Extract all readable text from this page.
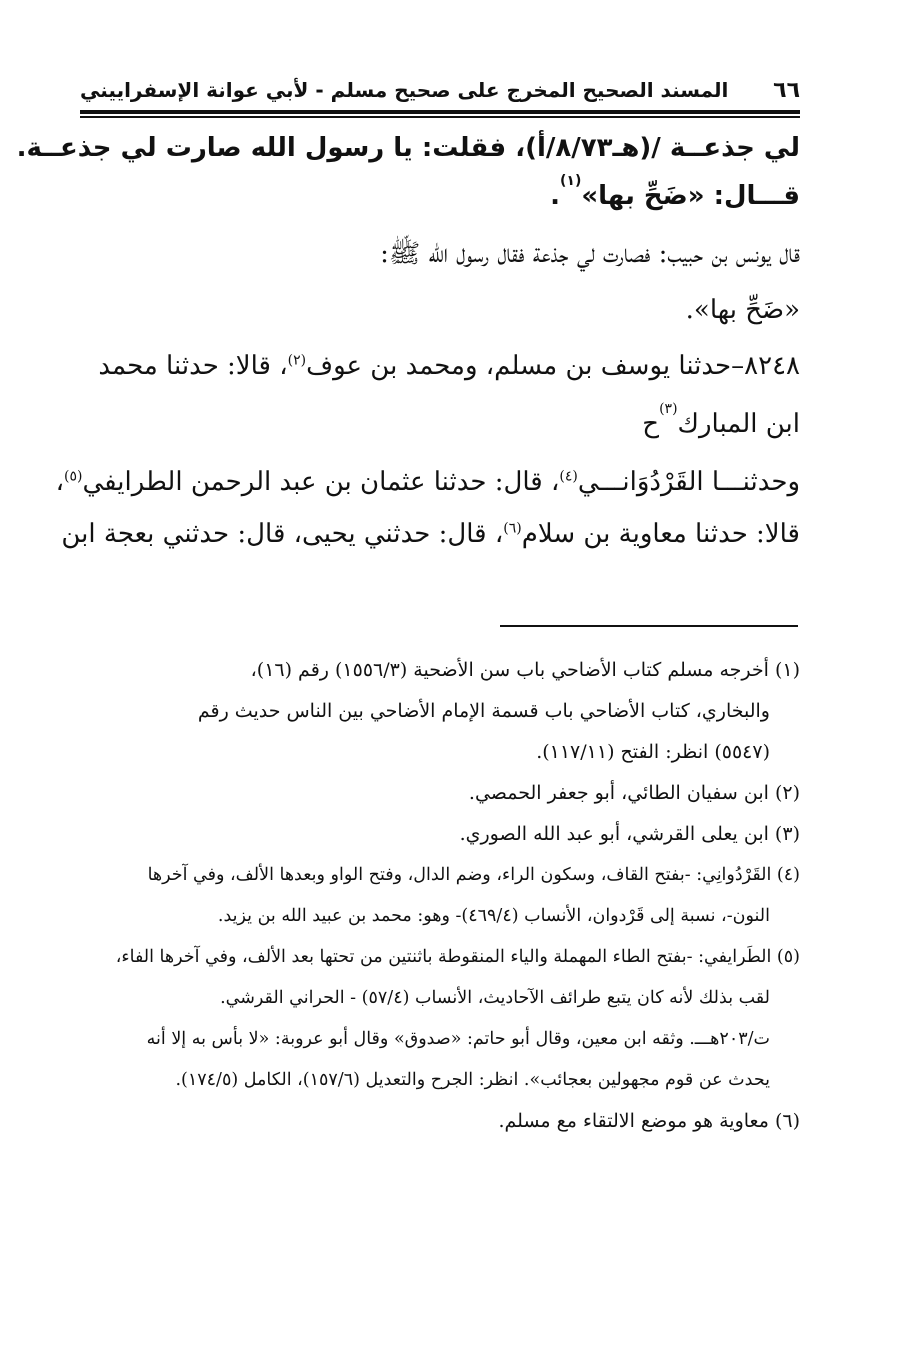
٦٦
المسند الصحيح المخرج على صحيح مسلم - لأبي عوانة الإسفراييني

لي جذعــة /(هـ٨/٧٣/أ)، فقلت: يا رسول الله صارت لي جذعــة.

قـــال: «ضَحِّ بها»
(١)
.

قال يونس بن حبيب: فصارت لي جذعة فقال رسول الله ﷺ:

«ضَحِّ بها».

٨٢٤٨–حدثنا يوسف بن مسلم، ومحمد بن عوف$^{(٢)}$، قالا: حدثنا محمد

ابن المبارك
(٣)
ح

وحدثنـــا القَرْدُوَانـــي$^{(٤)}$، قال: حدثنا عثمان بن عبد الرحمن الطرايفي$^{(٥)}$،

قالا: حدثنا معاوية بن سلام$^{(٦)}$، قال: حدثني يحيى، قال: حدثني بعجة ابن

(١) أخرجه مسلم كتاب الأضاحي باب سن الأضحية (١٥٥٦/٣) رقم (١٦)،

والبخاري، كتاب الأضاحي باب قسمة الإمام الأضاحي بين الناس حديث رقم

(٥٥٤٧) انظر: الفتح (١١٧/١١).

(٢) ابن سفيان الطائي، أبو جعفر الحمصي.

(٣) ابن يعلى القرشي، أبو عبد الله الصوري.

(٤) القَرْدُوانِي: -بفتح القاف، وسكون الراء، وضم الدال، وفتح الواو وبعدها الألف، وفي آخرها

النون-، نسبة إلى قَرْدوان، الأنساب (٤٦٩/٤)- وهو: محمد بن عبيد الله بن يزيد.

(٥) الطَرايفي: -بفتح الطاء المهملة والياء المنقوطة باثنتين من تحتها بعد الألف، وفي آخرها الفاء،

لقب بذلك لأنه كان يتبع طرائف الآحاديث، الأنساب (٥٧/٤) - الحراني القرشي.

ت/٢٠٣هـــ. وثقه ابن معين، وقال أبو حاتم: «صدوق» وقال أبو عروبة: «لا بأس به إلا أنه

يحدث عن قوم مجهولين بعجائب». انظر: الجرح والتعديل (١٥٧/٦)، الكامل (١٧٤/٥).

(٦) معاوية هو موضع الالتقاء مع مسلم.
